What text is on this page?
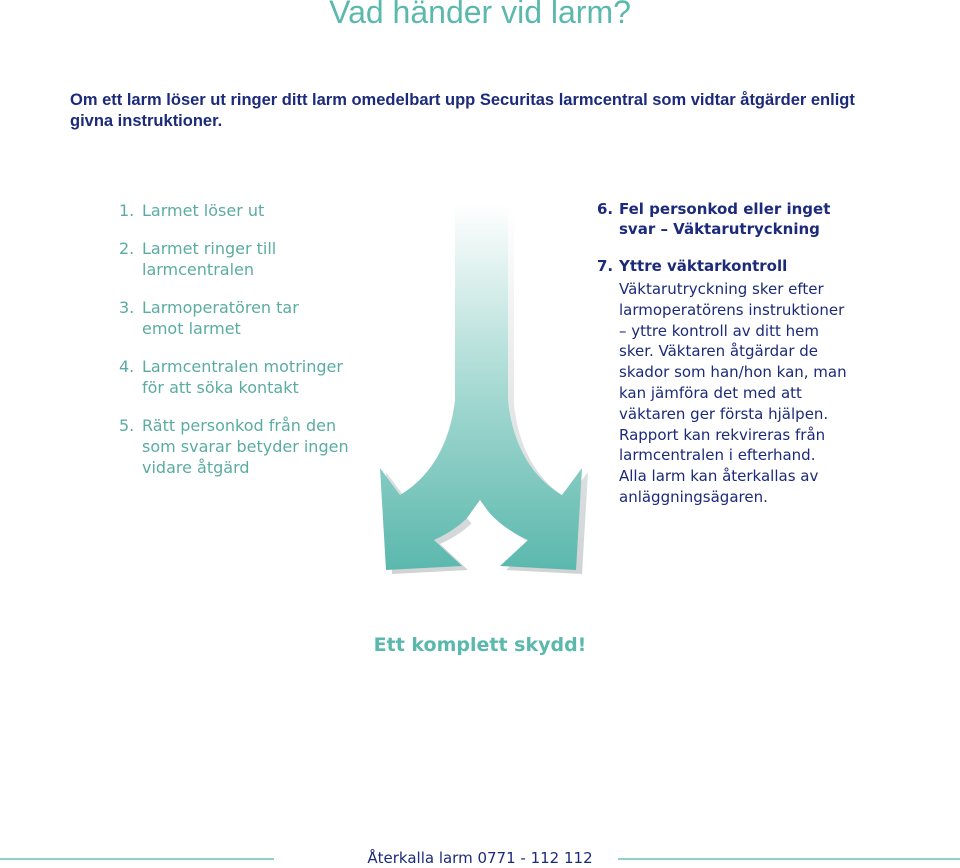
Vad händer vid larm?
Om ett larm löser ut ringer ditt larm omedelbart upp Securitas larmcentral som vidtar åtgärder enligt givna instruktioner.
1. Larmet löser ut
2. Larmet ringer till larmcentralen
3. Larmoperatören tar emot larmet
4. Larmcentralen motringer för att söka kontakt
5. Rätt personkod från den som svarar betyder ingen vidare åtgärd
6. Fel personkod eller inget svar – Väktarutryckning
7. Yttre väktarkontroll
Väktarutryckning sker efter larmoperatörens instruktioner – yttre kontroll av ditt hem sker. Väktaren åtgärdar de skador som han/hon kan, man kan jämföra det med att väktaren ger första hjälpen. Rapport kan rekvireras från larmcentralen i efterhand. Alla larm kan återkallas av anläggningsägaren.
Ett komplett skydd!
Återkalla larm 0771 - 112 112
